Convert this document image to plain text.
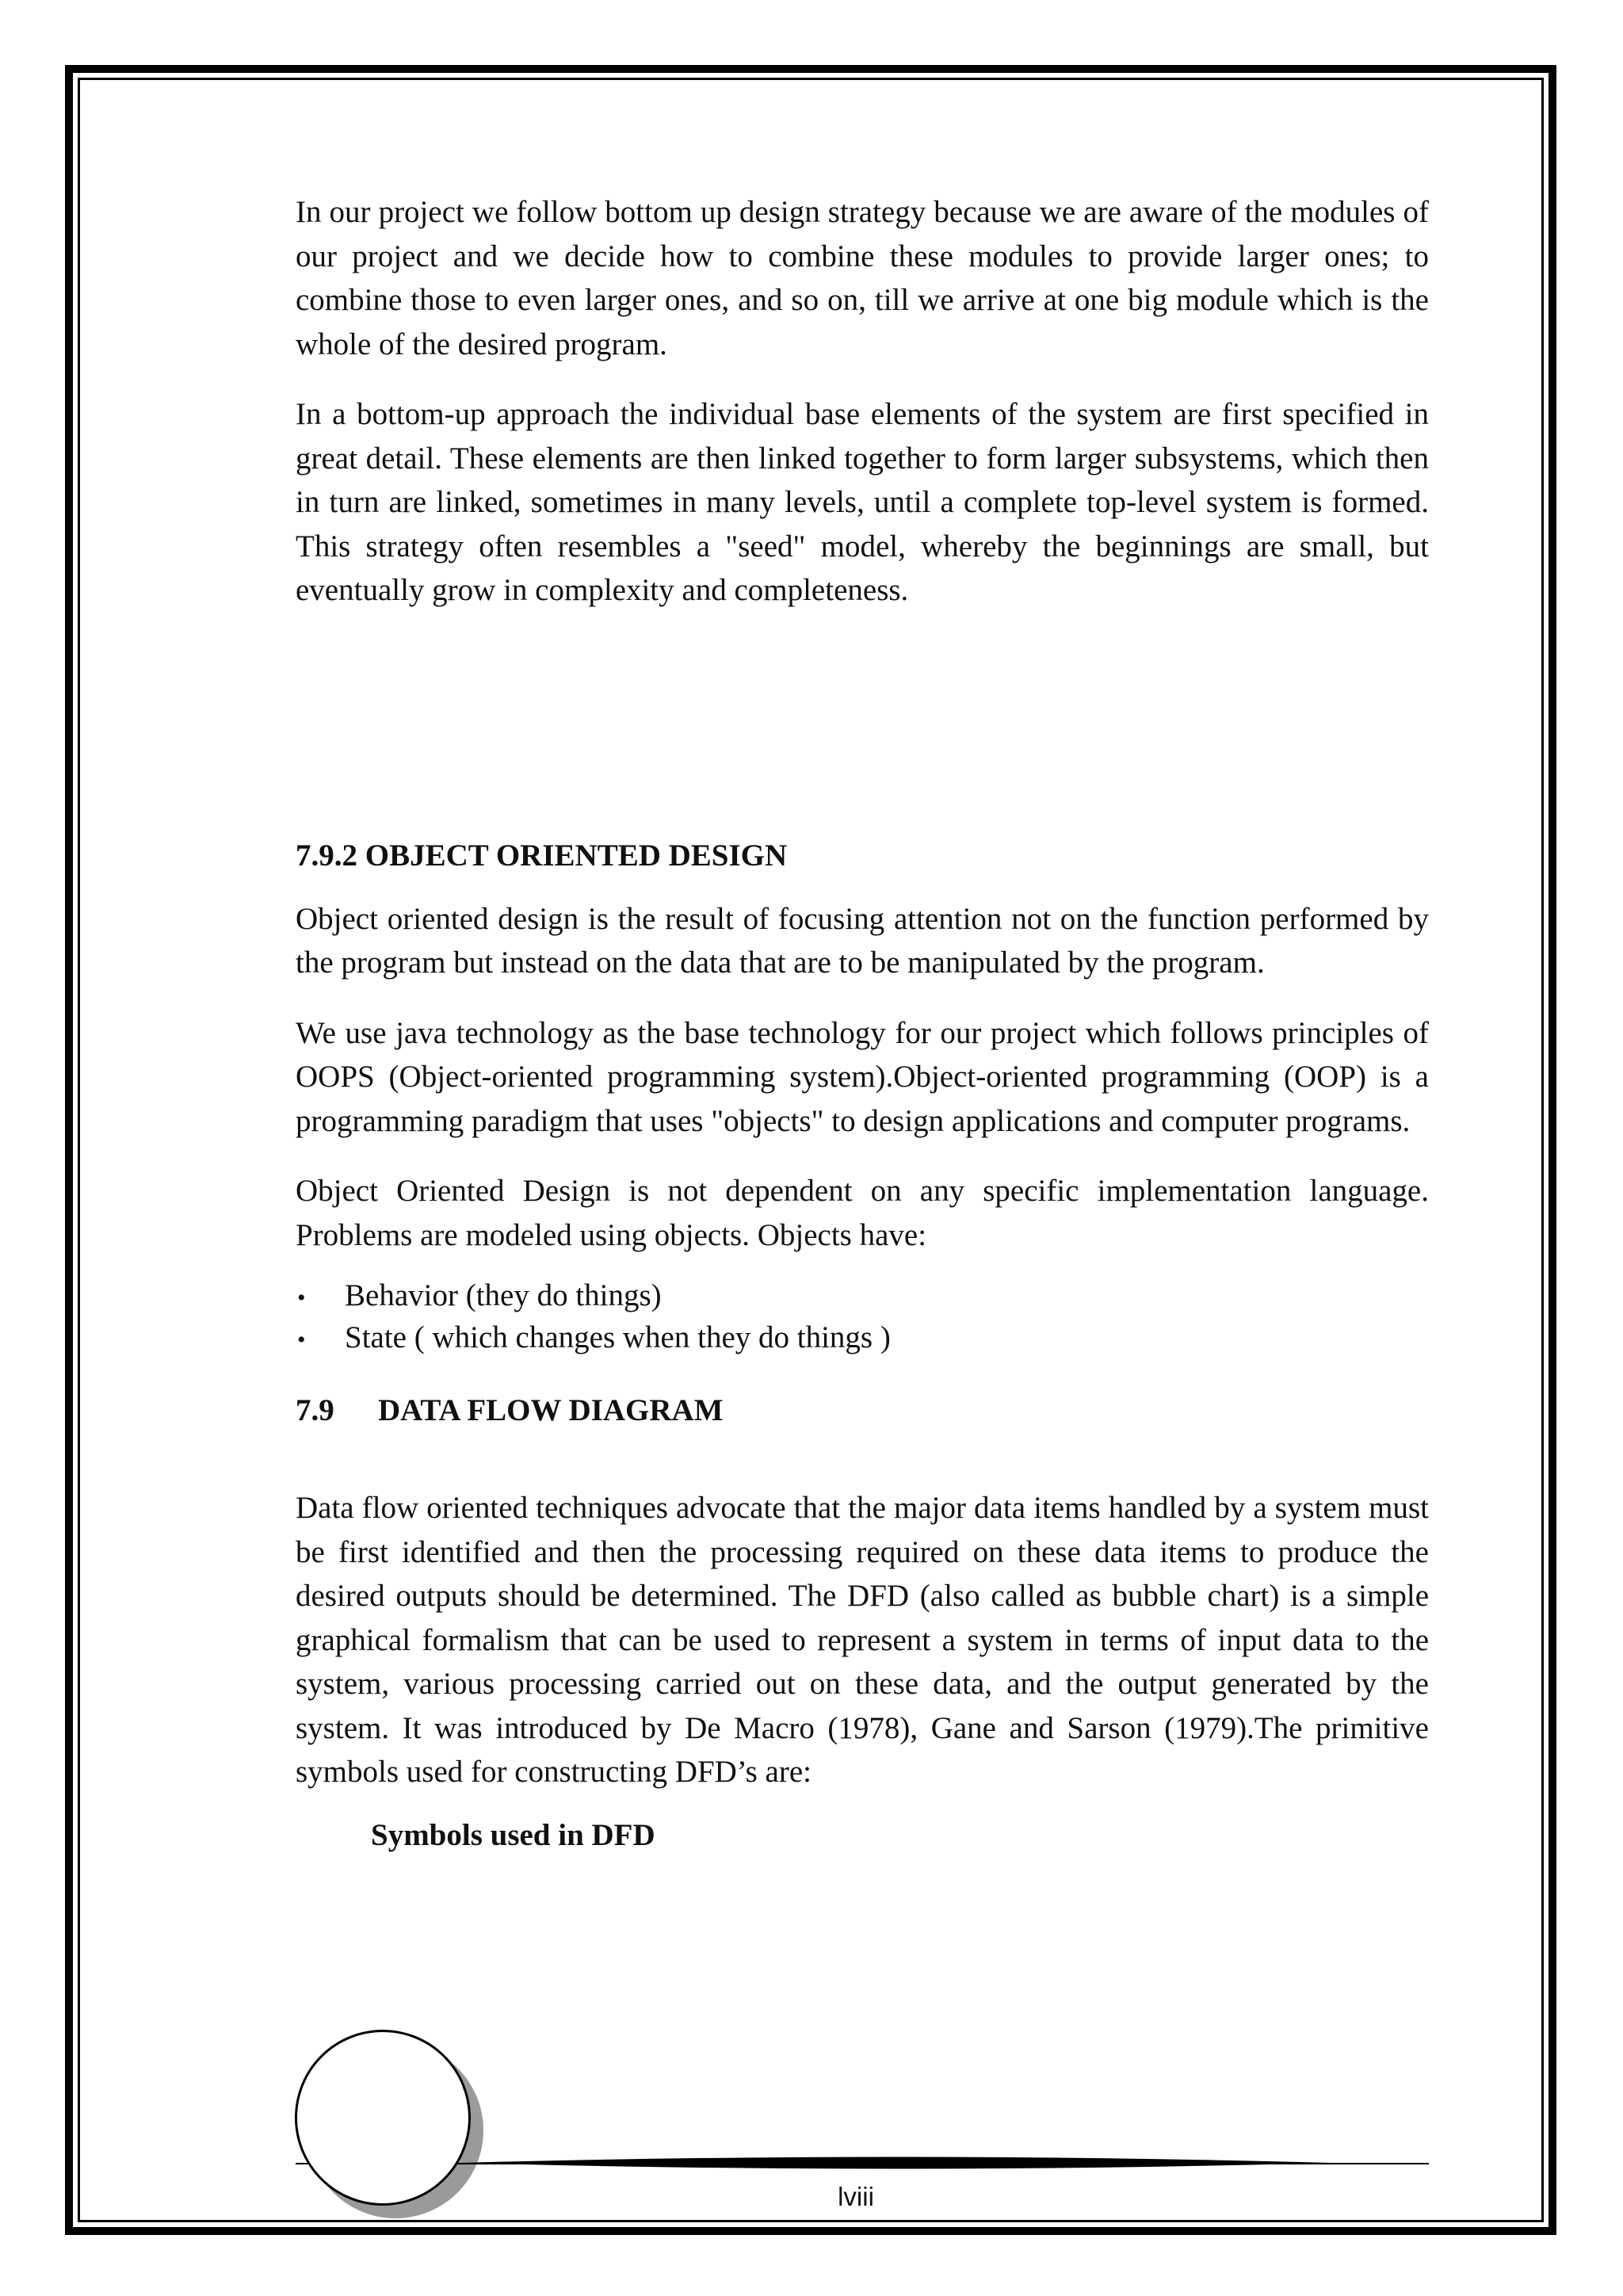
In our project we follow bottom up design strategy because we are aware of the modules of our project and we decide how to combine these modules to provide larger ones; to combine those to even larger ones, and so on, till we arrive at one big module which is the whole of the desired program.

In a bottom-up approach the individual base elements of the system are first specified in great detail. These elements are then linked together to form larger subsystems, which then in turn are linked, sometimes in many levels, until a complete top-level system is formed. This strategy often resembles a "seed" model, whereby the beginnings are small, but eventually grow in complexity and completeness.

7.9.2 OBJECT ORIENTED DESIGN

Object oriented design is the result of focusing attention not on the function performed by the program but instead on the data that are to be manipulated by the program.

We use java technology as the base technology for our project which follows principles of OOPS (Object-oriented programming system).Object-oriented programming (OOP) is a programming paradigm that uses "objects" to design applications and computer programs.

Object Oriented Design is not dependent on any specific implementation language. Problems are modeled using objects. Objects have:

•	Behavior (they do things)
•	State ( which changes when they do things )
7.9 DATA FLOW DIAGRAM

Data flow oriented techniques advocate that the major data items handled by a system must be first identified and then the processing required on these data items to produce the desired outputs should be determined. The DFD (also called as bubble chart) is a simple graphical formalism that can be used to represent a system in terms of input data to the system, various processing carried out on these data, and the output generated by the system. It was introduced by De Macro (1978), Gane and Sarson (1979).The primitive symbols used for constructing DFD’s are:

Symbols used in DFD

lviii
